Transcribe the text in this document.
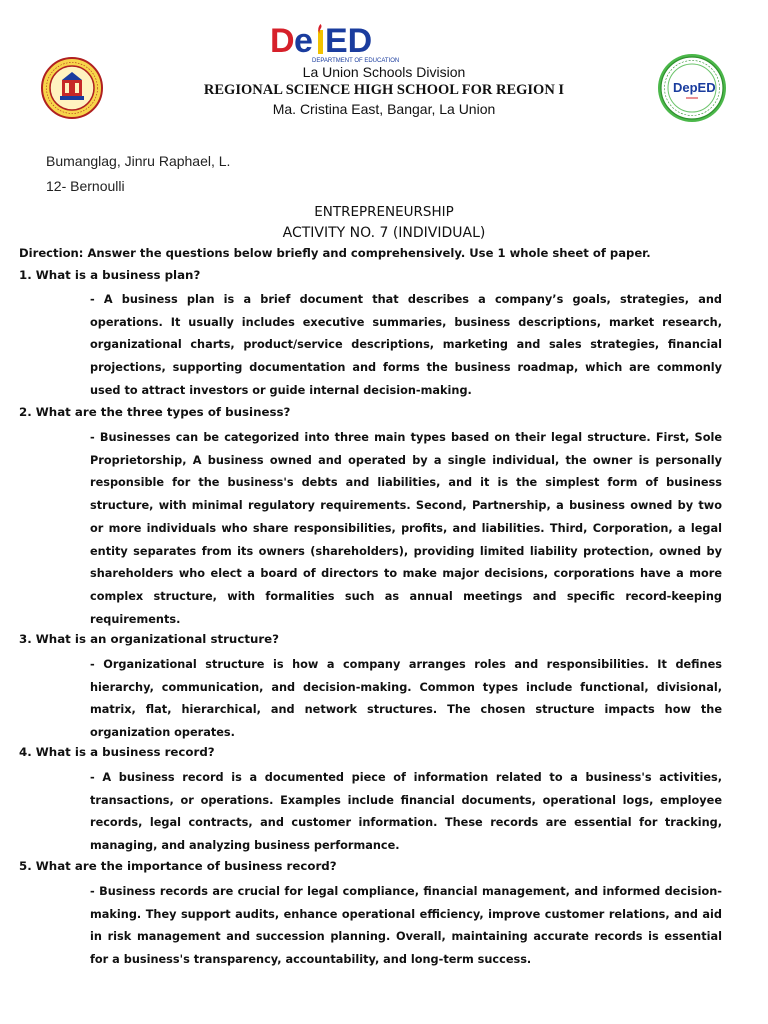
D e ED
DEPARTMENT OF EDUCATION
DepED
La Union Schools Division
REGIONAL SCIENCE HIGH SCHOOL FOR REGION I
Ma. Cristina East, Bangar, La Union
Bumanglag, Jinru Raphael, L.
12- Bernoulli
ENTREPRENEURSHIP
ACTIVITY NO. 7 (INDIVIDUAL)
Direction: Answer the questions below briefly and comprehensively. Use 1 whole sheet of paper.
1. What is a business plan?
- A business plan is a brief document that describes a company’s goals, strategies, and operations. It usually includes executive summaries, business descriptions, market research, organizational charts, product/service descriptions, marketing and sales strategies, financial projections, supporting documentation and forms the business roadmap, which are commonly used to attract investors or guide internal decision-making.
2. What are the three types of business?
- Businesses can be categorized into three main types based on their legal structure. First, Sole Proprietorship, A business owned and operated by a single individual, the owner is personally responsible for the business's debts and liabilities, and it is the simplest form of business structure, with minimal regulatory requirements. Second, Partnership, a business owned by two or more individuals who share responsibilities, profits, and liabilities. Third, Corporation, a legal entity separates from its owners (shareholders), providing limited liability protection, owned by shareholders who elect a board of directors to make major decisions, corporations have a more complex structure, with formalities such as annual meetings and specific record-keeping requirements.
3. What is an organizational structure?
- Organizational structure is how a company arranges roles and responsibilities. It defines hierarchy, communication, and decision-making. Common types include functional, divisional, matrix, flat, hierarchical, and network structures. The chosen structure impacts how the organization operates.
4. What is a business record?
- A business record is a documented piece of information related to a business's activities, transactions, or operations. Examples include financial documents, operational logs, employee records, legal contracts, and customer information. These records are essential for tracking, managing, and analyzing business performance.
5. What are the importance of business record?
- Business records are crucial for legal compliance, financial management, and informed decision-making. They support audits, enhance operational efficiency, improve customer relations, and aid in risk management and succession planning. Overall, maintaining accurate records is essential for a business's transparency, accountability, and long-term success.
